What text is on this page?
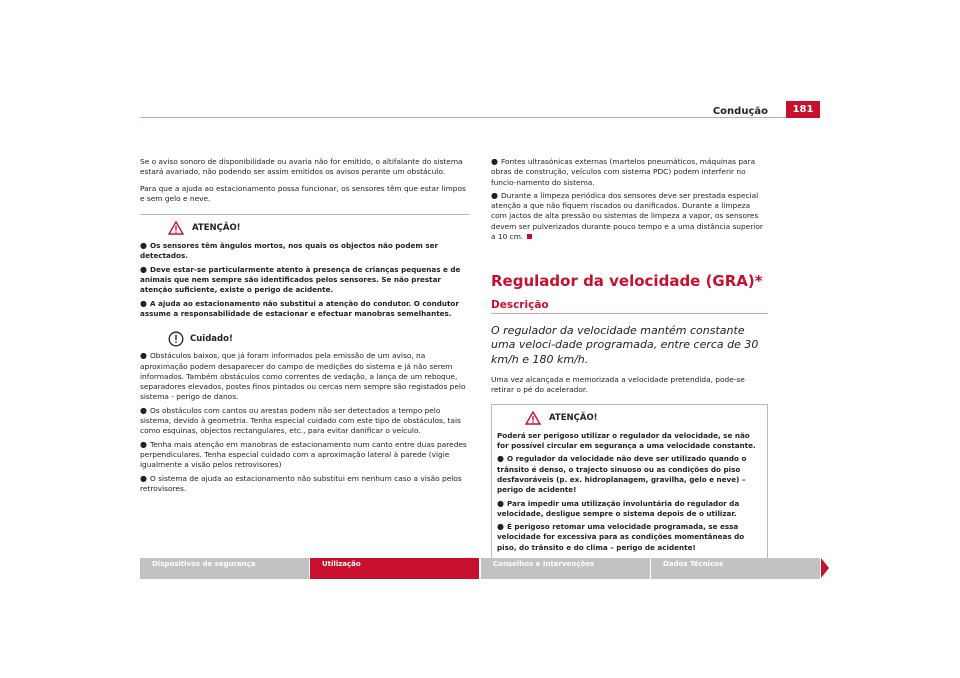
Condução	181

Se o aviso sonoro de disponibilidade ou avaria não for emitido, o altifalante do sistema estará avariado, não podendo ser assim emitidos os avisos perante um obstáculo.

Para que a ajuda ao estacionamento possa funcionar, os sensores têm que estar limpos e sem gelo e neve.

ATENÇÃO!

● Os sensores têm ângulos mortos, nos quais os objectos não podem ser detectados.

● Deve estar-se particularmente atento à presença de crianças pequenas e de animais que nem sempre são identificados pelos sensores. Se não prestar atenção suficiente, existe o perigo de acidente.

● A ajuda ao estacionamento não substitui a atenção do condutor. O condutor assume a responsabilidade de estacionar e efectuar manobras semelhantes.

Cuidado!

● Obstáculos baixos, que já foram informados pela emissão de um aviso, na aproximação podem desaparecer do campo de medições do sistema e já não serem informados. Também obstáculos como correntes de vedação, a lança de um reboque, separadores elevados, postes finos pintados ou cercas nem sempre são registados pelo sistema - perigo de danos.

● Os obstáculos com cantos ou arestas podem não ser detectados a tempo pelo sistema, devido à geometria. Tenha especial cuidado com este tipo de obstáculos, tais como esquinas, objectos rectangulares, etc., para evitar danificar o veículo.

● Tenha mais atenção em manobras de estacionamento num canto entre duas paredes perpendiculares. Tenha especial cuidado com a aproximação lateral à parede (vigie igualmente a visão pelos retrovisores)

● O sistema de ajuda ao estacionamento não substitui em nenhum caso a visão pelos retrovisores.

● Fontes ultrasónicas externas (martelos pneumáticos, máquinas para obras de construção, veículos com sistema PDC) podem interferir no funcio-namento do sistema.

● Durante a limpeza periódica dos sensores deve ser prestada especial atenção a que não fiquem riscados ou danificados. Durante a limpeza com jactos de alta pressão ou sistemas de limpeza a vapor, os sensores devem ser pulverizados durante pouco tempo e a uma distância superior a 10 cm.

Regulador da velocidade (GRA)*
Descrição

O regulador da velocidade mantém constante uma veloci-dade programada, entre cerca de 30 km/h e 180 km/h.

Uma vez alcançada e memorizada a velocidade pretendida, pode-se retirar o pé do acelerador.

ATENÇÃO!

Poderá ser perigoso utilizar o regulador da velocidade, se não for possível circular em segurança a uma velocidade constante.

● O regulador da velocidade não deve ser utilizado quando o trânsito é denso, o trajecto sinuoso ou as condições do piso desfavoráveis (p. ex. hidroplanagem, gravilha, gelo e neve) – perigo de acidente!

● Para impedir uma utilização involuntária do regulador da velocidade, desligue sempre o sistema depois de o utilizar.

● É perigoso retomar uma velocidade programada, se essa velocidade for excessiva para as condições momentâneas do piso, do trânsito e do clima – perigo de acidente!

Dispositivos de segurança	Utilização	Conselhos e Intervenções	Dados Técnicos
